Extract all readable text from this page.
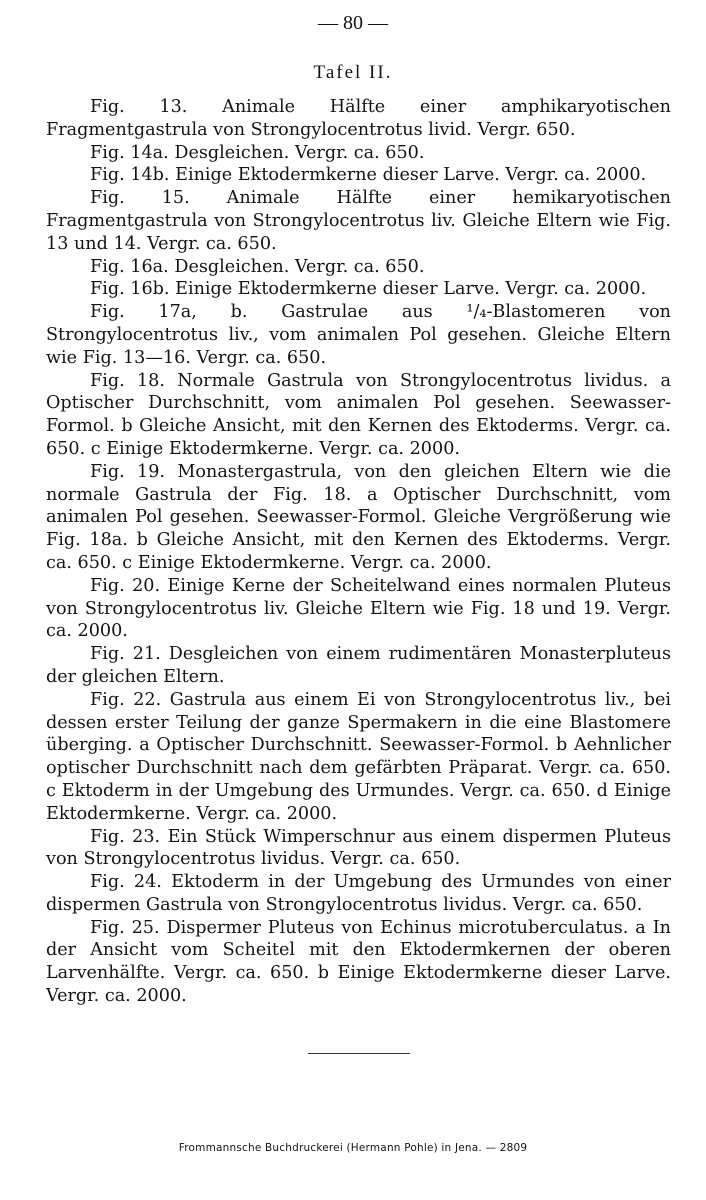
— 80 —
Tafel II.

Fig. 13. Animale Hälfte einer amphikaryotischen Fragmentgastrula von Strongylocentrotus livid. Vergr. 650.

Fig. 14a. Desgleichen. Vergr. ca. 650.

Fig. 14b. Einige Ektodermkerne dieser Larve. Vergr. ca. 2000.

Fig. 15. Animale Hälfte einer hemikaryotischen Fragmentgastrula von Strongylocentrotus liv. Gleiche Eltern wie Fig. 13 und 14. Vergr. ca. 650.

Fig. 16a. Desgleichen. Vergr. ca. 650.

Fig. 16b. Einige Ektodermkerne dieser Larve. Vergr. ca. 2000.

Fig. 17a, b. Gastrulae aus ¹/₄-Blastomeren von Strongylocentrotus liv., vom animalen Pol gesehen. Gleiche Eltern wie Fig. 13—16. Vergr. ca. 650.

Fig. 18. Normale Gastrula von Strongylocentrotus lividus. a Optischer Durchschnitt, vom animalen Pol gesehen. Seewasser-Formol. b Gleiche Ansicht, mit den Kernen des Ektoderms. Vergr. ca. 650. c Einige Ektodermkerne. Vergr. ca. 2000.

Fig. 19. Monastergastrula, von den gleichen Eltern wie die normale Gastrula der Fig. 18. a Optischer Durchschnitt, vom animalen Pol gesehen. Seewasser-Formol. Gleiche Vergrößerung wie Fig. 18a. b Gleiche Ansicht, mit den Kernen des Ektoderms. Vergr. ca. 650. c Einige Ektodermkerne. Vergr. ca. 2000.

Fig. 20. Einige Kerne der Scheitelwand eines normalen Pluteus von Strongylocentrotus liv. Gleiche Eltern wie Fig. 18 und 19. Vergr. ca. 2000.

Fig. 21. Desgleichen von einem rudimentären Monasterpluteus der gleichen Eltern.

Fig. 22. Gastrula aus einem Ei von Strongylocentrotus liv., bei dessen erster Teilung der ganze Spermakern in die eine Blastomere überging. a Optischer Durchschnitt. Seewasser-Formol. b Aehnlicher optischer Durchschnitt nach dem gefärbten Präparat. Vergr. ca. 650. c Ektoderm in der Umgebung des Urmundes. Vergr. ca. 650. d Einige Ektodermkerne. Vergr. ca. 2000.

Fig. 23. Ein Stück Wimperschnur aus einem dispermen Pluteus von Strongylocentrotus lividus. Vergr. ca. 650.

Fig. 24. Ektoderm in der Umgebung des Urmundes von einer dispermen Gastrula von Strongylocentrotus lividus. Vergr. ca. 650.

Fig. 25. Dispermer Pluteus von Echinus microtuberculatus. a In der Ansicht vom Scheitel mit den Ektodermkernen der oberen Larvenhälfte. Vergr. ca. 650. b Einige Ektodermkerne dieser Larve. Vergr. ca. 2000.

Frommannsche Buchdruckerei (Hermann Pohle) in Jena. — 2809
